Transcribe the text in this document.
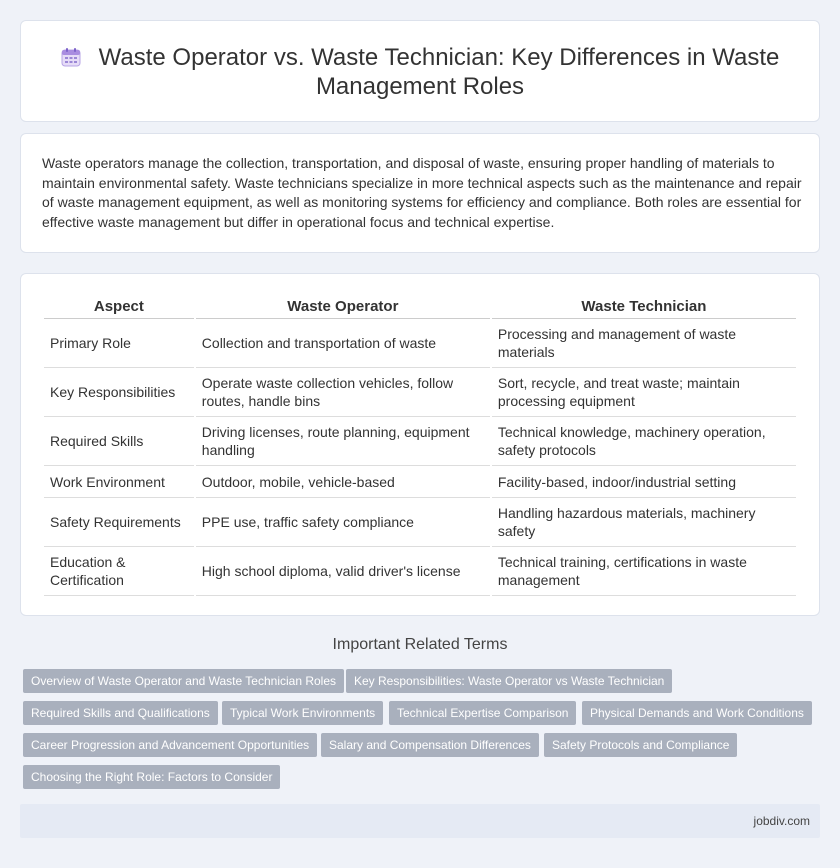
Waste Operator vs. Waste Technician: Key Differences in Waste Management Roles

Waste operators manage the collection, transportation, and disposal of waste, ensuring proper handling of materials to maintain environmental safety. Waste technicians specialize in more technical aspects such as the maintenance and repair of waste management equipment, as well as monitoring systems for efficiency and compliance. Both roles are essential for effective waste management but differ in operational focus and technical expertise.

Aspect	Waste Operator	Waste Technician
Primary Role	Collection and transportation of waste	Processing and management of waste materials
Key Responsibilities	Operate waste collection vehicles, follow routes, handle bins	Sort, recycle, and treat waste; maintain processing equipment
Required Skills	Driving licenses, route planning, equipment handling	Technical knowledge, machinery operation, safety protocols
Work Environment	Outdoor, mobile, vehicle-based	Facility-based, indoor/industrial setting
Safety Requirements	PPE use, traffic safety compliance	Handling hazardous materials, machinery safety
Education & Certification	High school diploma, valid driver's license	Technical training, certifications in waste management
Important Related Terms
Overview of Waste Operator and Waste Technician Roles	Key Responsibilities: Waste Operator vs Waste Technician
Required Skills and Qualifications	Typical Work Environments	Technical Expertise Comparison	Physical Demands and Work Conditions
Career Progression and Advancement Opportunities	Salary and Compensation Differences	Safety Protocols and Compliance
Choosing the Right Role: Factors to Consider
jobdiv.com
